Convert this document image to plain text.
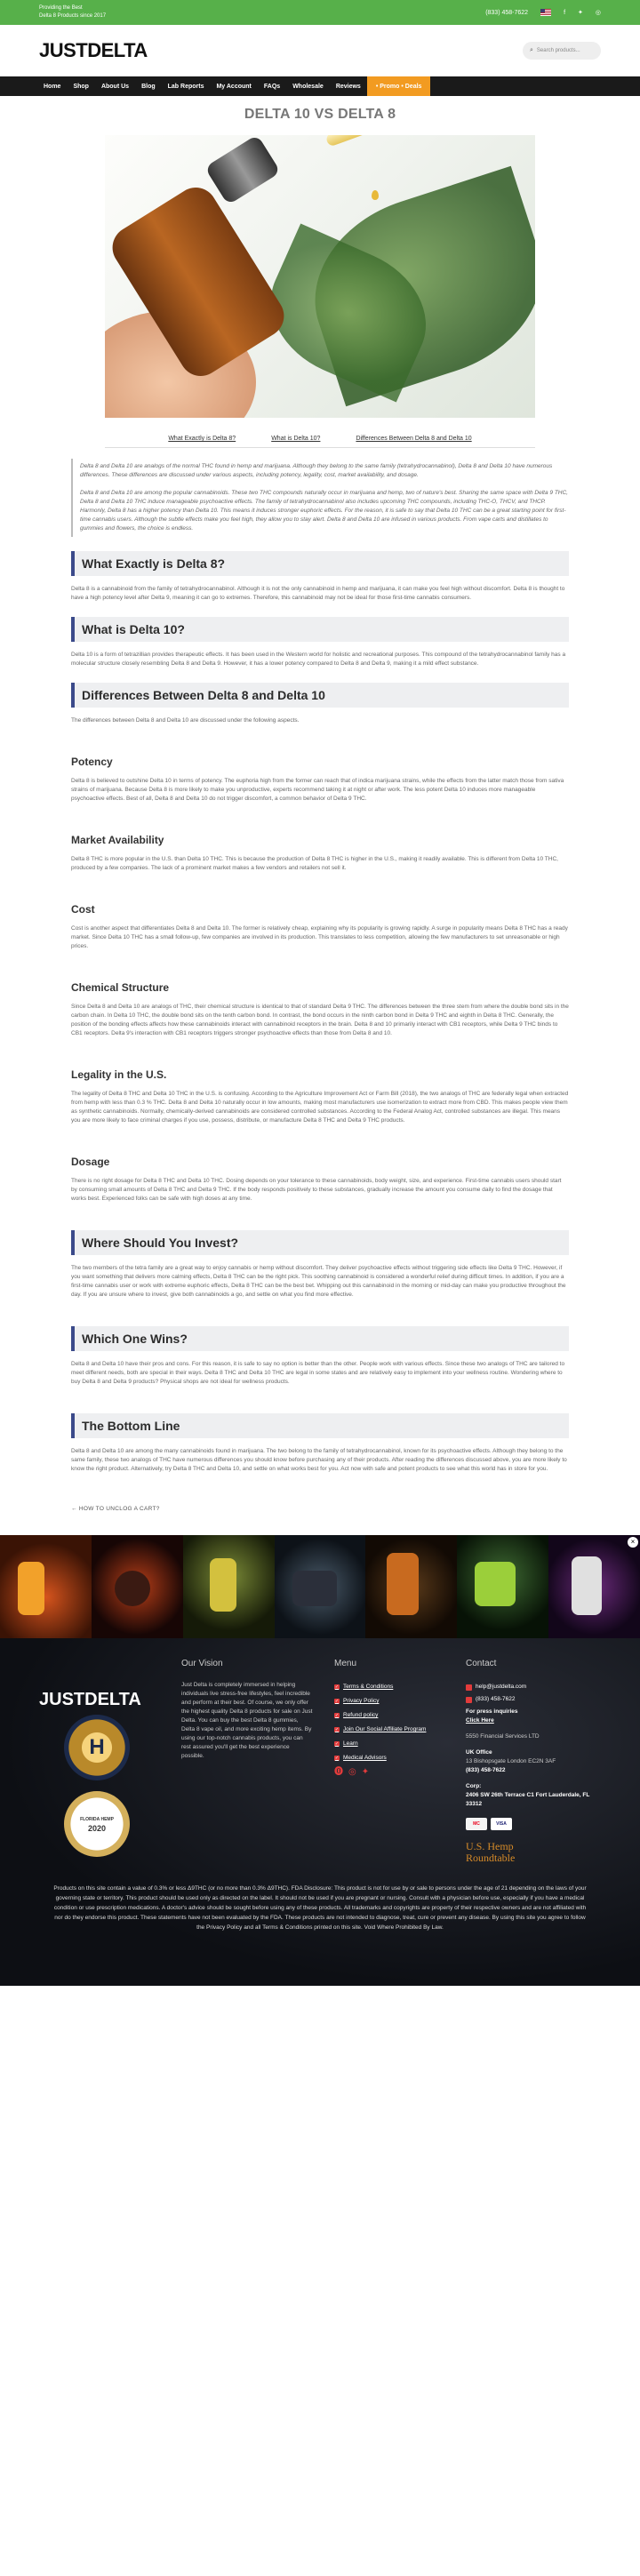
Providing the Best
Delta 8 Products since 2017
(833) 458-7622	f ✦ ◎
JUSTDELTA	⌕ Search products...
Home	Shop	About Us	Blog	Lab Reports	My Account	FAQs	Wholesale	Reviews	• Promo • Deals
DELTA 10 VS DELTA 8
What Exactly is Delta 8?	What is Delta 10?	Differences Between Delta 8 and Delta 10

Delta 8 and Delta 10 are analogs of the normal THC found in hemp and marijuana. Although they belong to the same family (tetrahydrocannabinol), Delta 8 and Delta 10 have numerous differences. These differences are discussed under various aspects, including potency, legality, cost, market availability, and dosage.

Delta 8 and Delta 10 are among the popular cannabinoids. These two THC compounds naturally occur in marijuana and hemp, two of nature's best. Sharing the same space with Delta 9 THC, Delta 8 and Delta 10 THC induce manageable psychoactive effects. The family of tetrahydrocannabinol also includes upcoming THC compounds, including THC-O, THCV, and THCP. Harmonly, Delta 8 has a higher potency than Delta 10. This means it induces stronger euphoric effects. For the reason, it is safe to say that Delta 10 THC can be a great starting point for first-time cannabis users. Although the subtle effects make you feel high, they allow you to stay alert. Delta 8 and Delta 10 are infused in various products. From vape carts and distillates to gummies and flowers, the choice is endless.

What Exactly is Delta 8?

Delta 8 is a cannabinoid from the family of tetrahydrocannabinol. Although it is not the only cannabinoid in hemp and marijuana, it can make you feel high without discomfort. Delta 8 is thought to have a high potency level after Delta 9, meaning it can go to extremes. Therefore, this cannabinoid may not be ideal for those first-time cannabis consumers.

What is Delta 10?

Delta 10 is a form of tetrazillian provides therapeutic effects. It has been used in the Western world for holistic and recreational purposes. This compound of the tetrahydrocannabinol family has a molecular structure closely resembling Delta 8 and Delta 9. However, it has a lower potency compared to Delta 8 and Delta 9, making it a mild effect substance.

Differences Between Delta 8 and Delta 10

The differences between Delta 8 and Delta 10 are discussed under the following aspects.

Potency

Delta 8 is believed to outshine Delta 10 in terms of potency. The euphoria high from the former can reach that of indica marijuana strains, while the effects from the latter match those from sativa strains of marijuana. Because Delta 8 is more likely to make you unproductive, experts recommend taking it at night or after work. The less potent Delta 10 induces more manageable psychoactive effects. Best of all, Delta 8 and Delta 10 do not trigger discomfort, a common behavior of Delta 9 THC.

Market Availability

Delta 8 THC is more popular in the U.S. than Delta 10 THC. This is because the production of Delta 8 THC is higher in the U.S., making it readily available. This is different from Delta 10 THC, produced by a few companies. The lack of a prominent market makes a few vendors and retailers not sell it.

Cost

Cost is another aspect that differentiates Delta 8 and Delta 10. The former is relatively cheap, explaining why its popularity is growing rapidly. A surge in popularity means Delta 8 THC has a ready market. Since Delta 10 THC has a small follow-up, few companies are involved in its production. This translates to less competition, allowing the few manufacturers to set unreasonable or high prices.

Chemical Structure

Since Delta 8 and Delta 10 are analogs of THC, their chemical structure is identical to that of standard Delta 9 THC. The differences between the three stem from where the double bond sits in the carbon chain. In Delta 10 THC, the double bond sits on the tenth carbon bond. In contrast, the bond occurs in the ninth carbon bond in Delta 9 THC and eighth in Delta 8 THC. Generally, the position of the bonding effects affects how these cannabinoids interact with cannabinoid receptors in the brain. Delta 8 and 10 primarily interact with CB1 receptors, while Delta 9 THC binds to CB1 receptors. Delta 9's interaction with CB1 receptors triggers stronger psychoactive effects than those from Delta 8 and 10.

Legality in the U.S.

The legality of Delta 8 THC and Delta 10 THC in the U.S. is confusing. According to the Agriculture Improvement Act or Farm Bill (2018), the two analogs of THC are federally legal when extracted from hemp with less than 0.3 % THC. Delta 8 and Delta 10 naturally occur in low amounts, making most manufacturers use isomerization to extract more from CBD. This makes people view them as synthetic cannabinoids. Normally, chemically-derived cannabinoids are considered controlled substances. According to the Federal Analog Act, controlled substances are illegal. This means you are more likely to face criminal charges if you use, possess, distribute, or manufacture Delta 8 THC and Delta 9 THC products.

Dosage

There is no right dosage for Delta 8 THC and Delta 10 THC. Dosing depends on your tolerance to these cannabinoids, body weight, size, and experience. First-time cannabis users should start by consuming small amounts of Delta 8 THC and Delta 9 THC. If the body responds positively to these substances, gradually increase the amount you consume daily to find the dosage that works best. Experienced folks can be safe with high doses at any time.

Where Should You Invest?

The two members of the tetra family are a great way to enjoy cannabis or hemp without discomfort. They deliver psychoactive effects without triggering side effects like Delta 9 THC. However, if you want something that delivers more calming effects, Delta 8 THC can be the right pick. This soothing cannabinoid is considered a wonderful relief during difficult times. In addition, if you are a first-time cannabis user or work with extreme euphoric effects, Delta 8 THC can be the best bet. Whipping out this cannabinoid in the morning or mid-day can make you productive throughout the day. If you are unsure where to invest, give both cannabinoids a go, and settle on what you find more effective.

Which One Wins?

Delta 8 and Delta 10 have their pros and cons. For this reason, it is safe to say no option is better than the other. People work with various effects. Since these two analogs of THC are tailored to meet different needs, both are special in their ways. Delta 8 THC and Delta 10 THC are legal in some states and are relatively easy to implement into your wellness routine. Wondering where to buy Delta 8 and Delta 9 products? Physical shops are not ideal for wellness products.

The Bottom Line

Delta 8 and Delta 10 are among the many cannabinoids found in marijuana. The two belong to the family of tetrahydrocannabinol, known for its psychoactive effects. Although they belong to the same family, these two analogs of THC have numerous differences you should know before purchasing any of their products. After reading the differences discussed above, you are more likely to know the right product. Alternatively, try Delta 8 THC and Delta 10, and settle on what works best for you. Act now with safe and potent products to see what this world has in store for you.

← HOW TO UNCLOG A CART?
×
JUSTDELTA
H
FLORIDA HEMP
2020
Our Vision

Just Delta is completely immersed in helping individuals live stress-free lifestyles, feel incredible and perform at their best. Of course, we only offer the highest quality Delta 8 products for sale on Just Delta. You can buy the best Delta 8 gummies, Delta 8 vape oil, and more exciting hemp items. By using our top-notch cannabis products, you can rest assured you'll get the best experience possible.

Menu
✓ Terms & Conditions
✓ Privacy Policy
✓ Refund policy
✓ Join Our Social Affiliate Program
✓ Learn
✓ Medical Advisors
⓿ ◎ ✦
Contact
help@justdelta.com
(833) 458-7622
For press inquiries
Click Here
5550 Financial Services LTD
UK Office
13 Bishopsgate London EC2N 3AF
(833) 458-7622
Corp:
2406 SW 26th Terrace C1 Fort Lauderdale, FL 33312
MC	VISA
U.S. Hemp
Roundtable

Products on this site contain a value of 0.3% or less Δ9THC (or no more than 0.3% Δ9THC). FDA Disclosure: This product is not for use by or sale to persons under the age of 21 depending on the laws of your governing state or territory. This product should be used only as directed on the label. It should not be used if you are pregnant or nursing. Consult with a physician before use, especially if you have a medical condition or use prescription medications. A doctor's advice should be sought before using any of these products. All trademarks and copyrights are property of their respective owners and are not affiliated with nor do they endorse this product. These statements have not been evaluated by the FDA. These products are not intended to diagnose, treat, cure or prevent any disease. By using this site you agree to follow the Privacy Policy and all Terms & Conditions printed on this site. Void Where Prohibited By Law.
